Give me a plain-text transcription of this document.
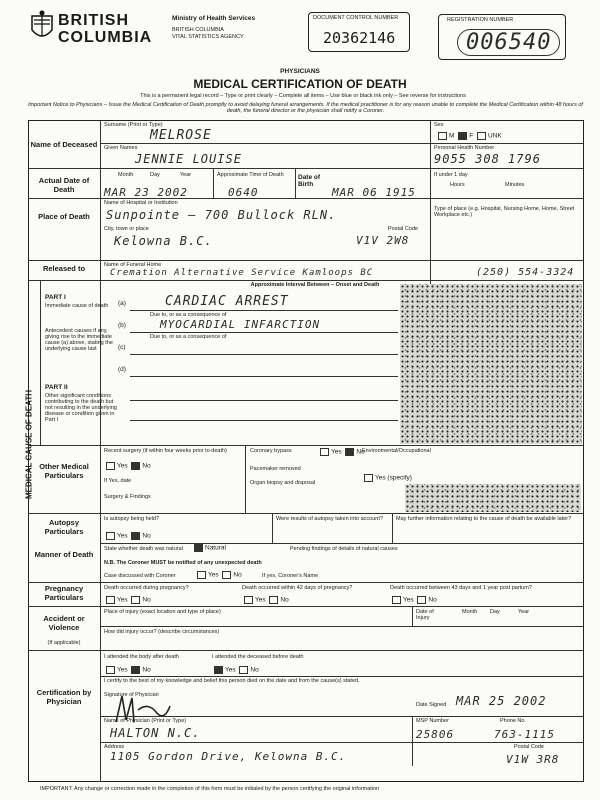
BRITISH
COLUMBIA
Ministry of Health Services
BRITISH COLUMBIA
VITAL STATISTICS AGENCY
DOCUMENT CONTROL NUMBER
20362146
REGISTRATION NUMBER
006540
PHYSICIANS
MEDICAL CERTIFICATION OF DEATH
This is a permanent legal record – Type or print clearly – Complete all items – Use blue or black ink only – See reverse for instructions
Important Notice to Physicians – Issue the Medical Certification of Death promptly to avoid delaying funeral arrangements. If the medical practitioner is for any reason unable to complete the Medical Certification within 48 hours of death, the funeral director or the physician shall notify a Coroner.
Name of Deceased
Surname (Print or Type)
MELROSE
Given Names
JENNIE LOUISE
Sex
M F UNK
Personal Health Number
9055 308 1796
Actual Date of Death
Month	Day	Year
MAR 23 2002
Approximate Time of Death
0640
Date of Birth
MAR 06 1915
If under 1 day
Hours	Minutes
Place of Death
Name of Hospital or Institution
Sunpointe – 700 Bullock RLN.
City, town or place
Kelowna B.C.
Postal Code
V1V 2W8
Type of place (e.g. Hospital, Nursing Home, Home, Street Workplace etc.)
Released to	Name of Funeral Home
Cremation Alternative Service Kamloops BC	(250) 554-3324
MEDICAL CAUSE OF DEATH
Approximate Interval Between – Onset and Death
PART I
Immediate cause of death	(a)	CARDIAC ARREST
Due to, or as a consequence of
(b)	MYOCARDIAL INFARCTION
Antecedent causes if any, giving rise to the immediate cause (a) above, stating the underlying cause last
Due to, or as a consequence of
(c)
(d)
PART II
Other significant conditions contributing to the death but not resulting in the underlying disease or condition given in Part I
Other Medical Particulars
Recent surgery (if within four weeks prior to death)
Yes No
If Yes, date
Surgery & Findings
Coronary bypass
Pacemaker removed
Organ biopsy and disposal
Yes No
Environmental/Occupational
Yes (specify)
Autopsy Particulars
Is autopsy being held?
Yes No
Were results of autopsy taken into account?	May further information relating to the cause of death be available later?
Manner of Death
State whether death was natural	Natural	Pending findings of details of natural causes
N.B. The Coroner MUST be notified of any unexpected death
Case discussed with Coroner	Yes No	If yes, Coroner's Name
Pregnancy Particulars
Death occurred during pregnancy?	Death occurred within 42 days of pregnancy?	Death occurred between 43 days and 1 year post partum?
Yes No	Yes No	Yes No
Accident or Violence
(If applicable)
Place of injury (exact location and type of place)	Date of Injury
Month Day	Year
How did injury occur? (describe circumstances)
Certification by Physician
I attended the body after death
Yes No
I attended the deceased before death
Yes No
I certify to the best of my knowledge and belief this person died on the date and from the cause(s) stated.
Signature of Physician
Date Signed MAR 25 2002
Name of Physician (Print or Type)
HALTON N.C.
MSP Number
25806
Phone No.
763-1115
Address
1105 Gordon Drive, Kelowna B.C.
Postal Code
V1W 3R8
IMPORTANT: Any change or correction made in the completion of this form must be initialed by the person certifying the original information
